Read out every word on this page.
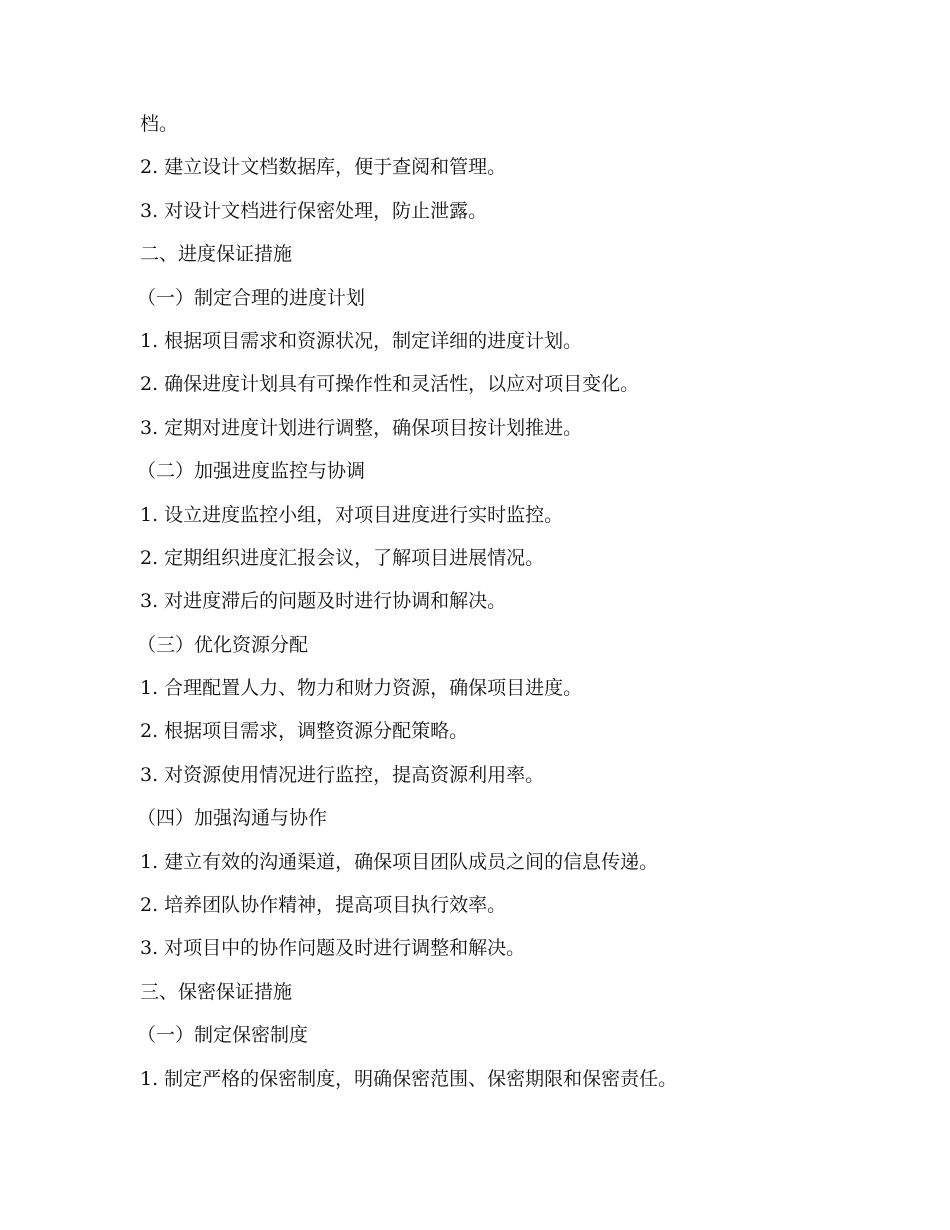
档。
2. 建立设计文档数据库，便于查阅和管理。
3. 对设计文档进行保密处理，防止泄露。
二、进度保证措施
（一）制定合理的进度计划
1. 根据项目需求和资源状况，制定详细的进度计划。
2. 确保进度计划具有可操作性和灵活性，以应对项目变化。
3. 定期对进度计划进行调整，确保项目按计划推进。
（二）加强进度监控与协调
1. 设立进度监控小组，对项目进度进行实时监控。
2. 定期组织进度汇报会议，了解项目进展情况。
3. 对进度滞后的问题及时进行协调和解决。
（三）优化资源分配
1. 合理配置人力、物力和财力资源，确保项目进度。
2. 根据项目需求，调整资源分配策略。
3. 对资源使用情况进行监控，提高资源利用率。
（四）加强沟通与协作
1. 建立有效的沟通渠道，确保项目团队成员之间的信息传递。
2. 培养团队协作精神，提高项目执行效率。
3. 对项目中的协作问题及时进行调整和解决。
三、保密保证措施
（一）制定保密制度
1. 制定严格的保密制度，明确保密范围、保密期限和保密责任。
